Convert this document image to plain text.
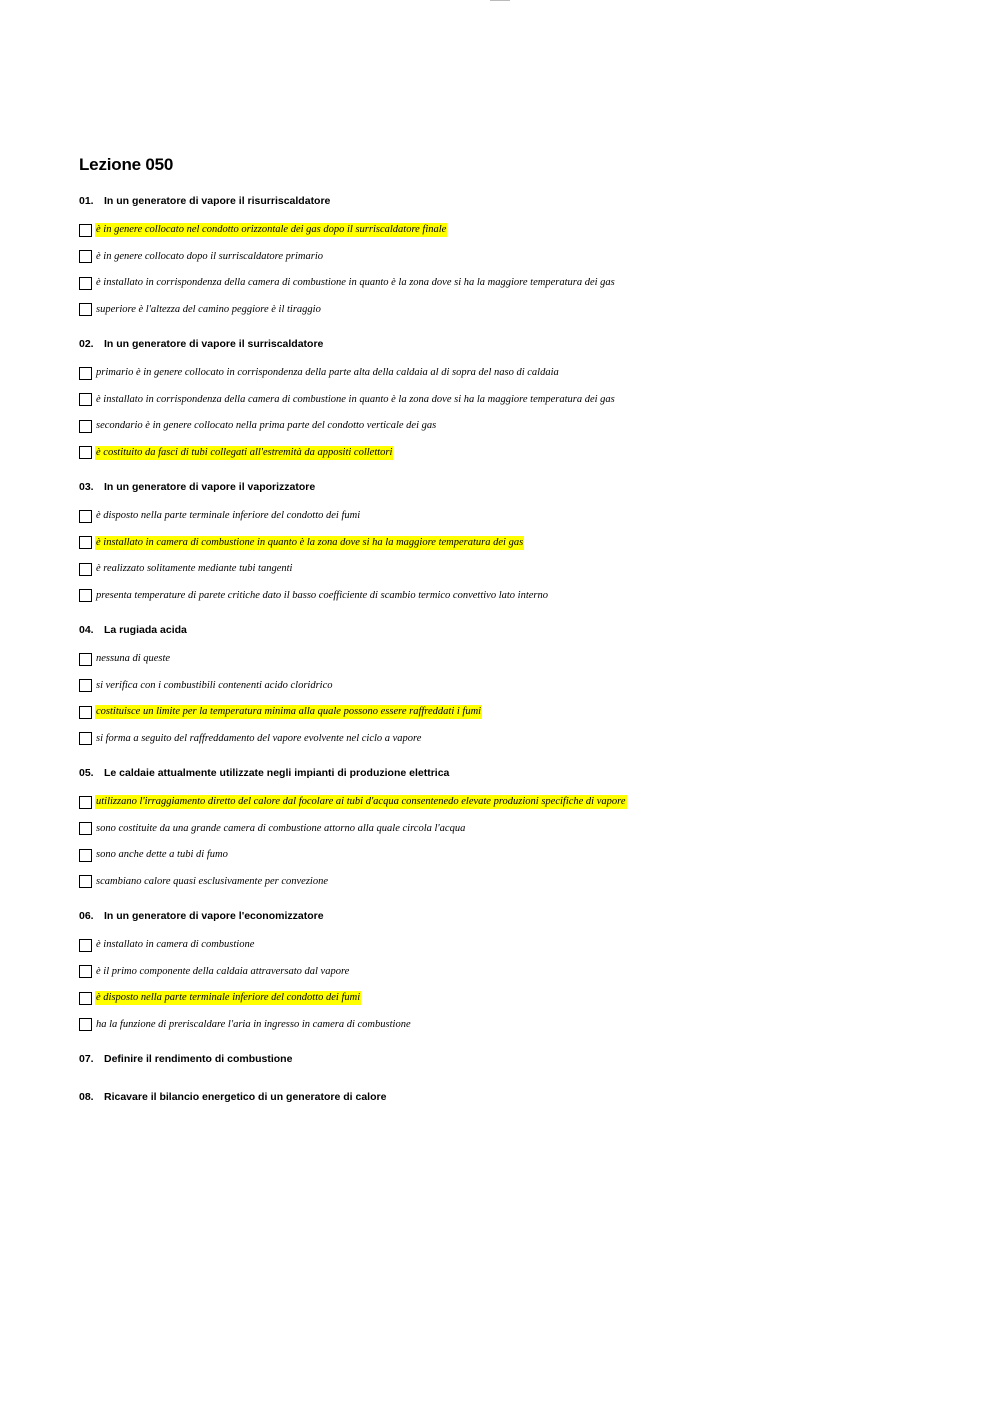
Lezione 050
01. In un generatore di vapore il risurriscaldatore
è in genere collocato nel condotto orizzontale dei gas dopo il surriscaldatore finale
è in genere collocato dopo il surriscaldatore primario
è installato in corrispondenza della camera di combustione in quanto è la zona dove si ha la maggiore temperatura dei gas
superiore è l'altezza del camino peggiore è il tiraggio
02. In un generatore di vapore il surriscaldatore
primario è in genere collocato in corrispondenza della parte alta della caldaia al di sopra del naso di caldaia
è installato in corrispondenza della camera di combustione in quanto è la zona dove si ha la maggiore temperatura dei gas
secondario è in genere collocato nella prima parte del condotto verticale dei gas
è costituito da fasci di tubi collegati all'estremità da appositi collettori
03. In un generatore di vapore il vaporizzatore
è disposto nella parte terminale inferiore del condotto dei fumi
è installato in camera di combustione in quanto è la zona dove si ha la maggiore temperatura dei gas
è realizzato solitamente mediante tubi tangenti
presenta temperature di parete critiche dato il basso coefficiente di scambio termico convettivo lato interno
04. La rugiada acida
nessuna di queste
si verifica con i combustibili contenenti acido cloridrico
costituisce un limite per la temperatura minima alla quale possono essere raffreddati i fumi
si forma a seguito del raffreddamento del vapore evolvente nel ciclo a vapore
05. Le caldaie attualmente utilizzate negli impianti di produzione elettrica
utilizzano l'irraggiamento diretto del calore dal focolare ai tubi d'acqua consentenedo elevate produzioni specifiche di vapore
sono costituite da una grande camera di combustione attorno alla quale circola l'acqua
sono anche dette a tubi di fumo
scambiano calore quasi esclusivamente per convezione
06. In un generatore di vapore l'economizzatore
è installato in camera di combustione
è il primo componente della caldaia attraversato dal vapore
è disposto nella parte terminale inferiore del condotto dei fumi
ha la funzione di preriscaldare l'aria in ingresso in camera di combustione
07. Definire il rendimento di combustione
08. Ricavare il bilancio energetico di un generatore di calore
